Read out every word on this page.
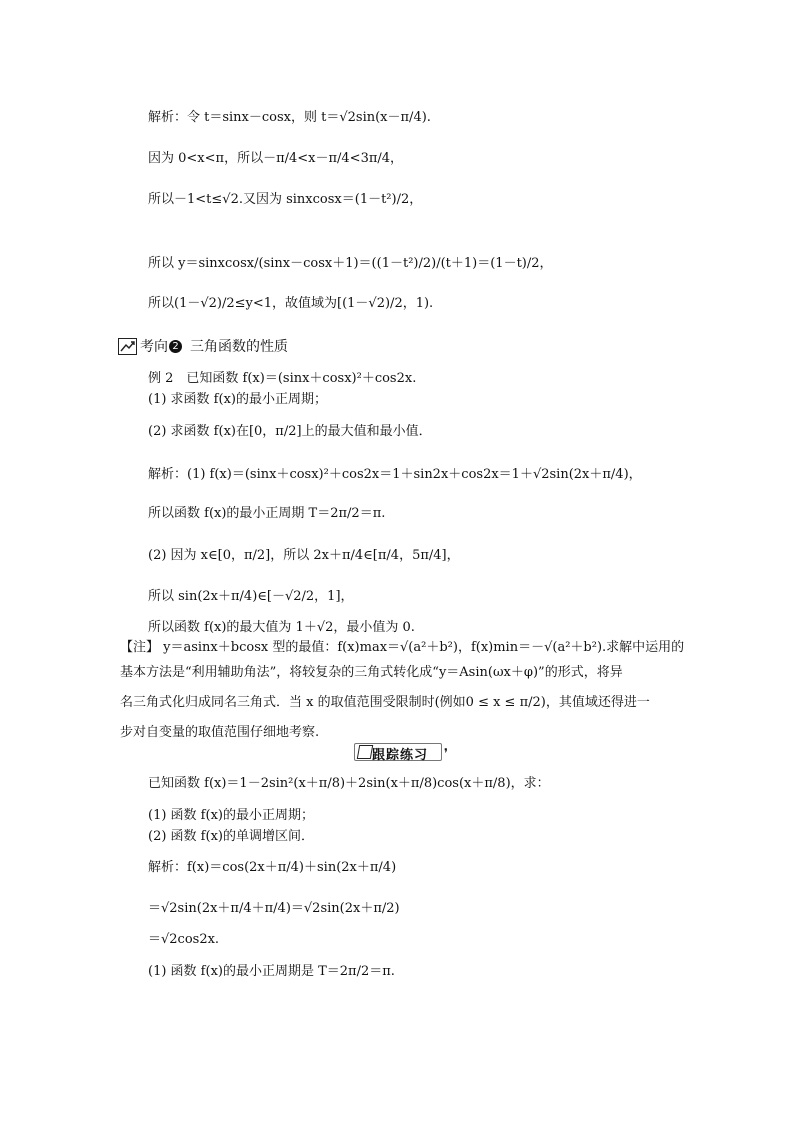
解析：令 t＝sinx－cosx，则 t＝√2sin(x－π/4).
因为 0<x<π，所以－π/4<x－π/4<3π/4，
所以－1<t≤√2.又因为 sinxcosx＝(1－t²)/2，
所以 y＝sinxcosx/(sinx－cosx＋1)＝((1－t²)/2)/(t＋1)＝(1－t)/2，
所以(1－√2)/2≤y<1，故值域为[(1－√2)/2，1).
考向 2 三角函数的性质
例 2　已知函数 f(x)＝(sinx＋cosx)²＋cos2x.
(1) 求函数 f(x)的最小正周期；
(2) 求函数 f(x)在[0，π/2]上的最大值和最小值．
解析：(1) f(x)＝(sinx＋cosx)²＋cos2x＝1＋sin2x＋cos2x＝1＋√2sin(2x＋π/4)，
所以函数 f(x)的最小正周期 T＝2π/2＝π.
(2) 因为 x∈[0，π/2]，所以 2x＋π/4∈[π/4，5π/4]，
所以 sin(2x＋π/4)∈[－√2/2，1]，
所以函数 f(x)的最大值为 1＋√2，最小值为 0.
【注】 y＝asinx＋bcosx 型的最值：f(x)max＝√(a²＋b²)，f(x)min＝－√(a²＋b²).求解中运用的
基本方法是“利用辅助角法”，将较复杂的三角式转化成“y＝Asin(ωx＋φ)”的形式，将异
名三角式化归成同名三角式．当 x 的取值范围受限制时(例如0 ≤ x ≤ π/2)，其值域还得进一
步对自变量的取值范围仔细地考察.
跟踪练习 ❜
已知函数 f(x)＝1－2sin²(x＋π/8)＋2sin(x＋π/8)cos(x＋π/8)，求：
(1) 函数 f(x)的最小正周期；
(2) 函数 f(x)的单调增区间．
解析：f(x)＝cos(2x＋π/4)＋sin(2x＋π/4)
＝√2sin(2x＋π/4＋π/4)＝√2sin(2x＋π/2)
＝√2cos2x.
(1) 函数 f(x)的最小正周期是 T＝2π/2＝π.
